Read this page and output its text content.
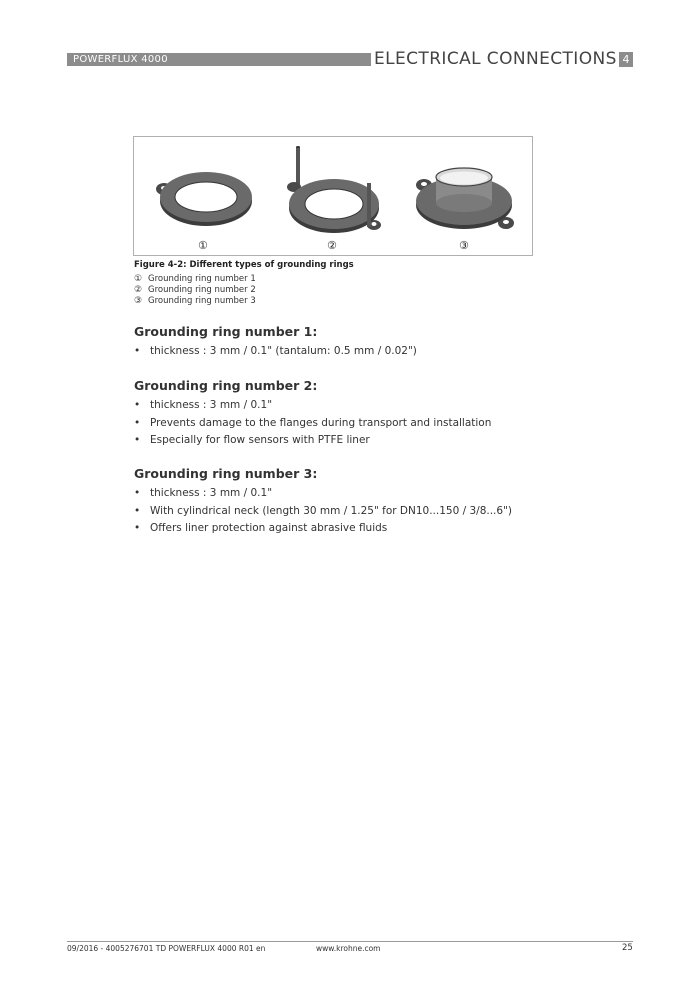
POWERFLUX 4000	ELECTRICAL CONNECTIONS 4
①	②	③
Figure 4-2: Different types of grounding rings
① Grounding ring number 1
② Grounding ring number 2
③ Grounding ring number 3
Grounding ring number 1:
• thickness : 3 mm / 0.1" (tantalum: 0.5 mm / 0.02")
Grounding ring number 2:
• thickness : 3 mm / 0.1"
• Prevents damage to the flanges during transport and installation
• Especially for flow sensors with PTFE liner
Grounding ring number 3:
• thickness : 3 mm / 0.1"
• With cylindrical neck (length 30 mm / 1.25" for DN10...150 / 3/8...6")
• Offers liner protection against abrasive fluids
09/2016 - 4005276701 TD POWERFLUX 4000 R01 en	www.krohne.com	25
